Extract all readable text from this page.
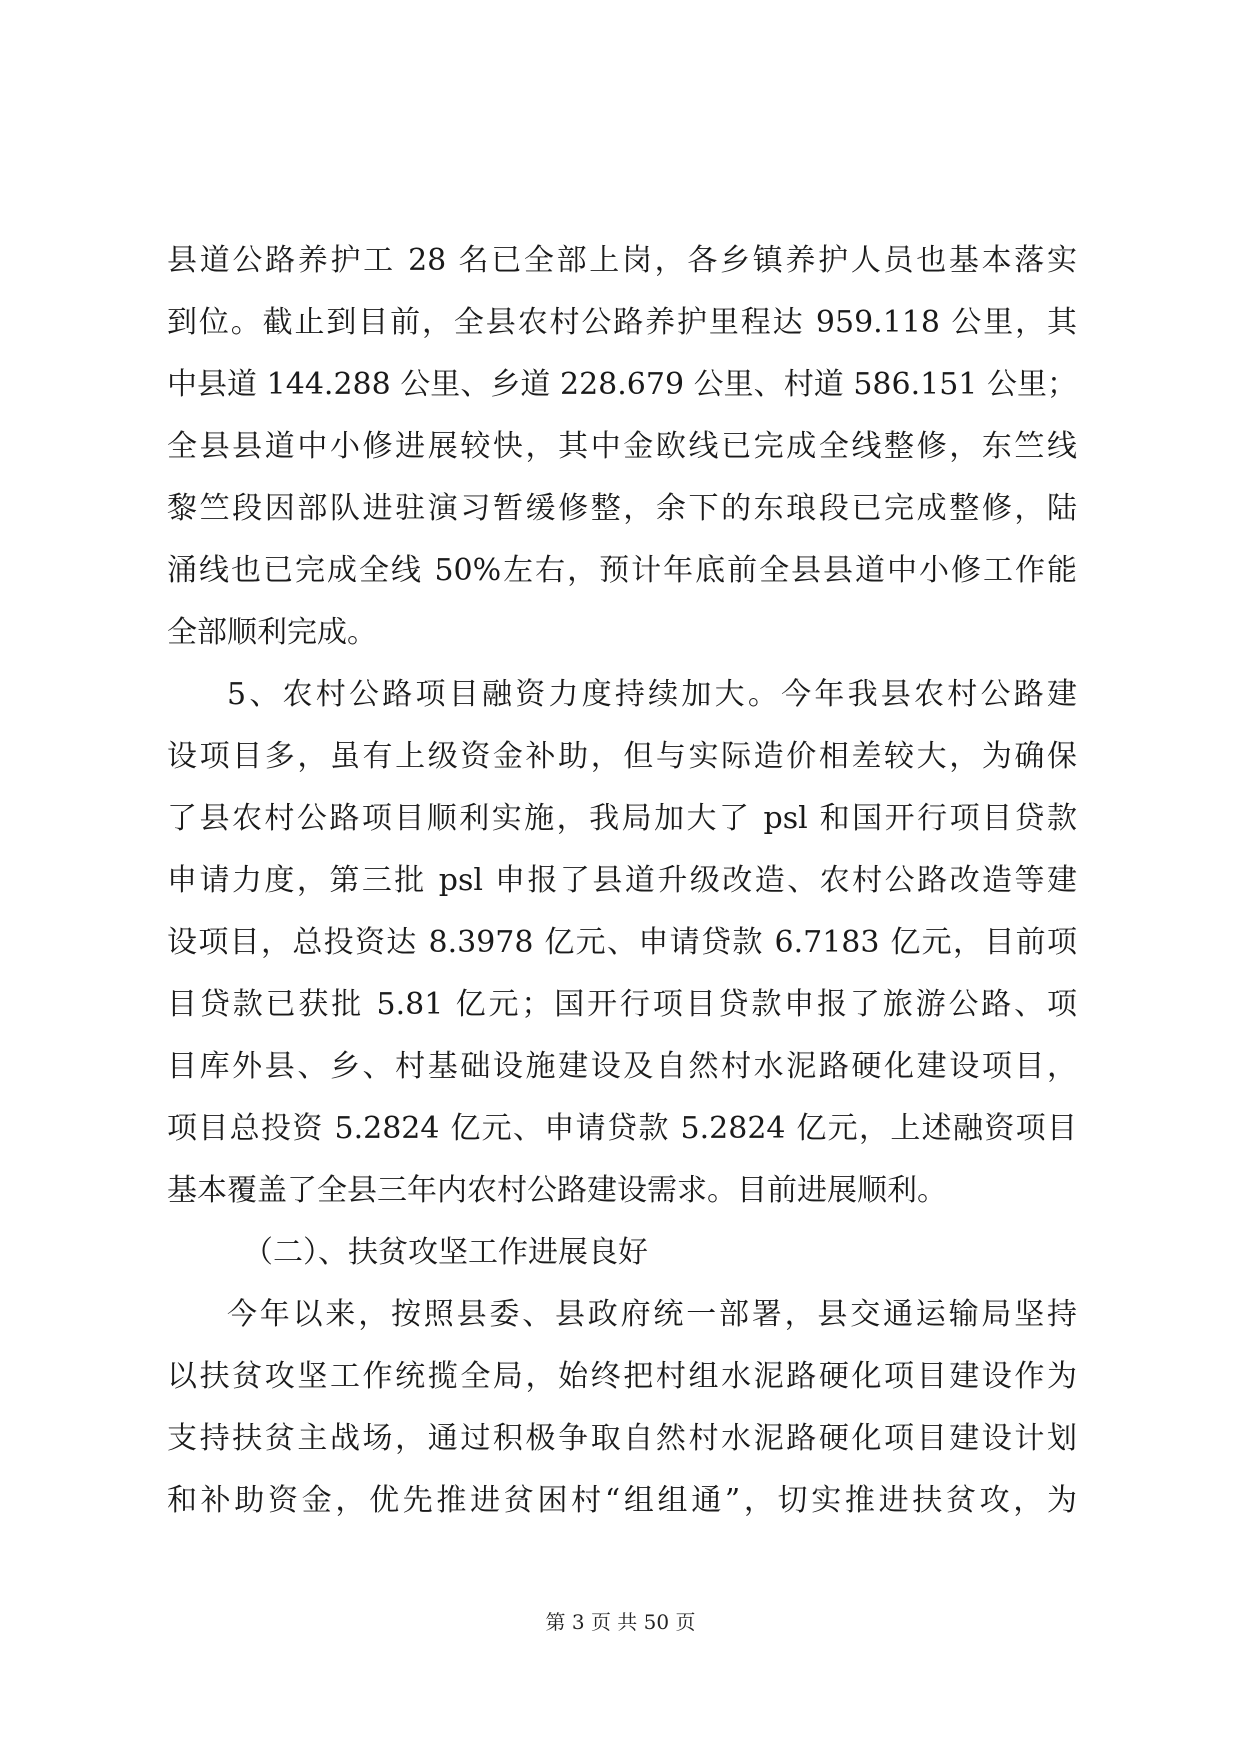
县道公路养护工 28 名已全部上岗，各乡镇养护人员也基本落实
到位。截止到目前，全县农村公路养护里程达 959.118 公里，其
中县道 144.288 公里、乡道 228.679 公里、村道 586.151 公里；
全县县道中小修进展较快，其中金欧线已完成全线整修，东竺线
黎竺段因部队进驻演习暂缓修整，余下的东琅段已完成整修，陆
涌线也已完成全线 50%左右，预计年底前全县县道中小修工作能
全部顺利完成。
5、农村公路项目融资力度持续加大。今年我县农村公路建
设项目多，虽有上级资金补助，但与实际造价相差较大，为确保
了县农村公路项目顺利实施，我局加大了 psl 和国开行项目贷款
申请力度，第三批 psl 申报了县道升级改造、农村公路改造等建
设项目，总投资达 8.3978 亿元、申请贷款 6.7183 亿元，目前项
目贷款已获批 5.81 亿元；国开行项目贷款申报了旅游公路、项
目库外县、乡、村基础设施建设及自然村水泥路硬化建设项目，
项目总投资 5.2824 亿元、申请贷款 5.2824 亿元，上述融资项目
基本覆盖了全县三年内农村公路建设需求。目前进展顺利。
（二）、扶贫攻坚工作进展良好
今年以来，按照县委、县政府统一部署，县交通运输局坚持
以扶贫攻坚工作统揽全局，始终把村组水泥路硬化项目建设作为
支持扶贫主战场，通过积极争取自然村水泥路硬化项目建设计划
和补助资金，优先推进贫困村“组组通”，切实推进扶贫攻，为
第 3 页 共 50 页
